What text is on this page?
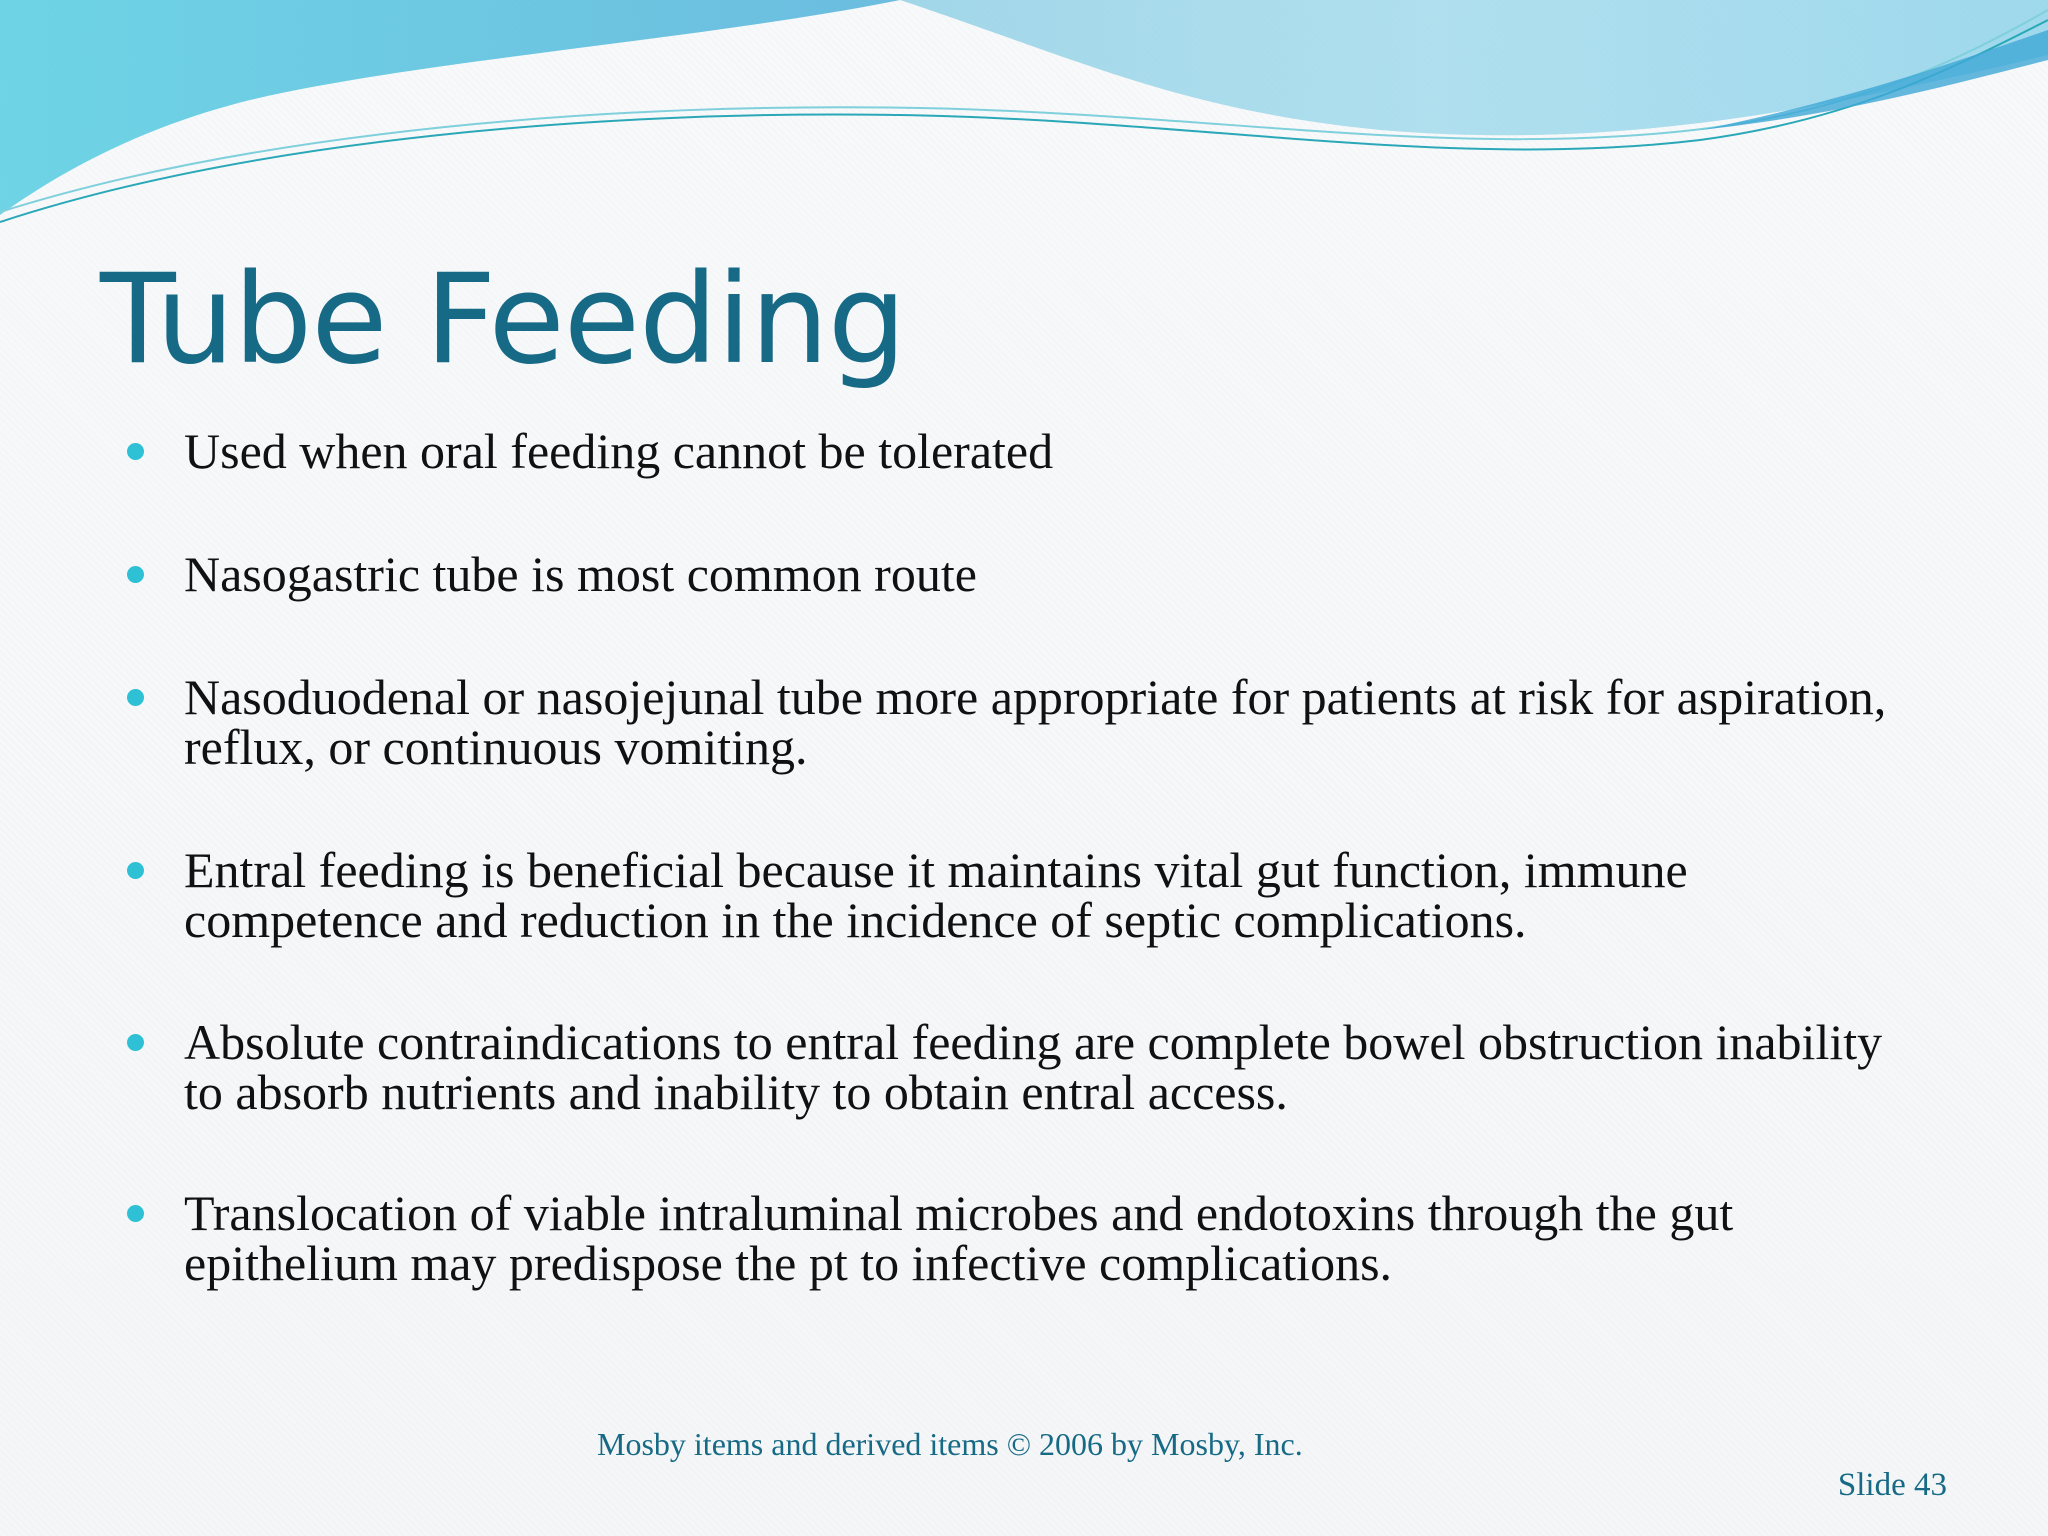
Tube Feeding
Used when oral feeding cannot be tolerated
Nasogastric tube is most common route
Nasoduodenal or nasojejunal tube more appropriate for patients at risk for aspiration, reflux, or continuous vomiting.
Entral feeding is beneficial because it maintains vital gut function, immune competence and reduction in the incidence of septic complications.
Absolute contraindications to entral feeding are complete bowel obstruction inability to absorb nutrients and inability to obtain entral access.
Translocation of viable intraluminal microbes and endotoxins through the gut epithelium may predispose the pt to infective complications.
Mosby items and derived items © 2006 by Mosby, Inc.
Slide 43
